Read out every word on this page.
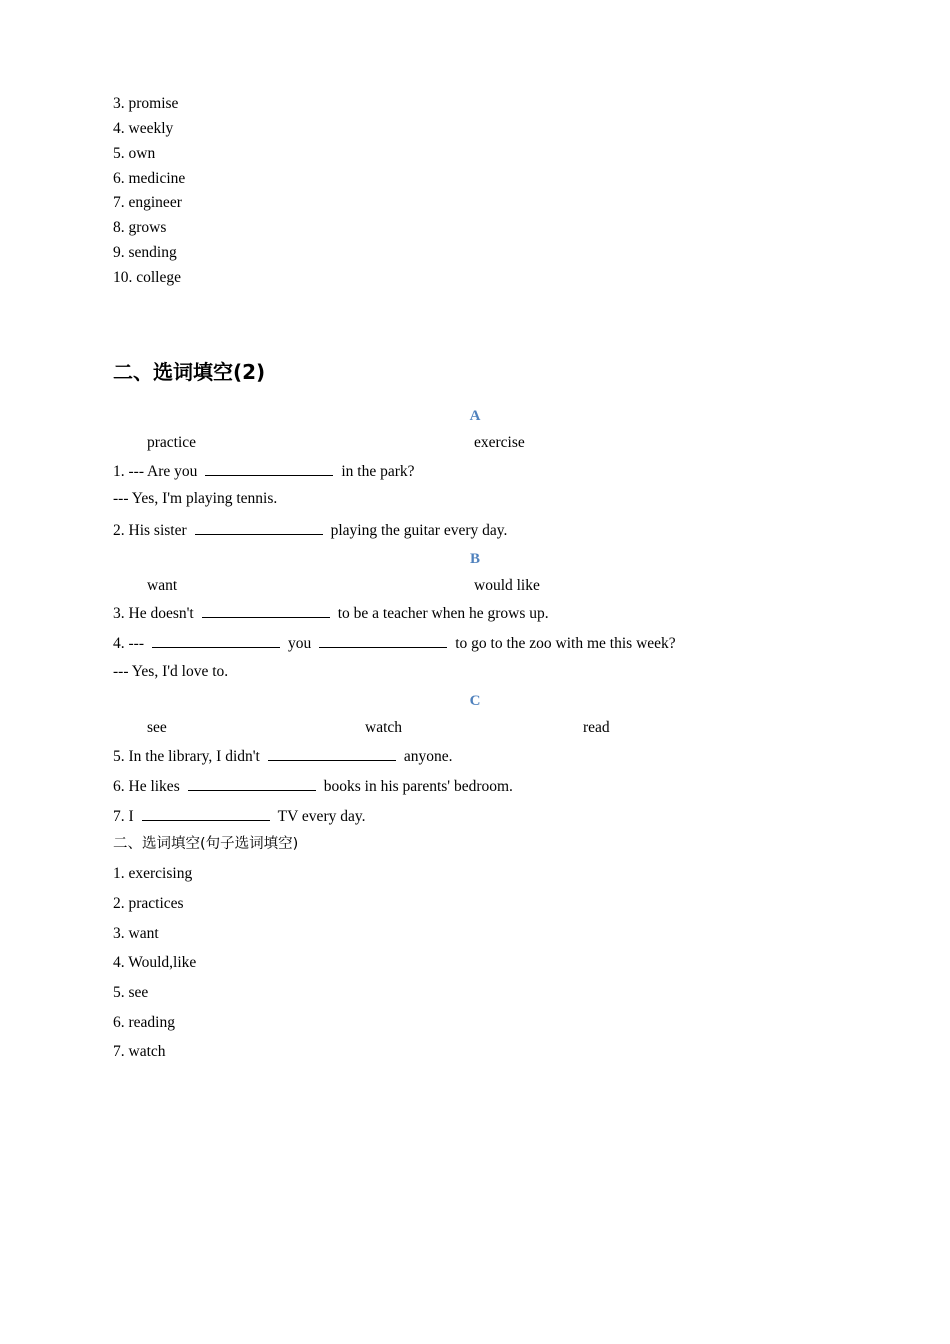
3. promise
4. weekly
5. own
6. medicine
7. engineer
8. grows
9. sending
10. college
二、选词填空(2)
A
practice	exercise
1. --- Are you	in the park?
--- Yes, I'm playing tennis.
2. His sister	playing the guitar every day.
B
want	would like
3. He doesn't	to be a teacher when he grows up.
4. ---	you	to go to the zoo with me this week?
--- Yes, I'd love to.
C
see	watch	read
5. In the library, I didn't	anyone.
6. He likes	books in his parents' bedroom.
7. I	TV every day.
二、选词填空(句子选词填空)
1. exercising
2. practices
3. want
4. Would,like
5. see
6. reading
7. watch
